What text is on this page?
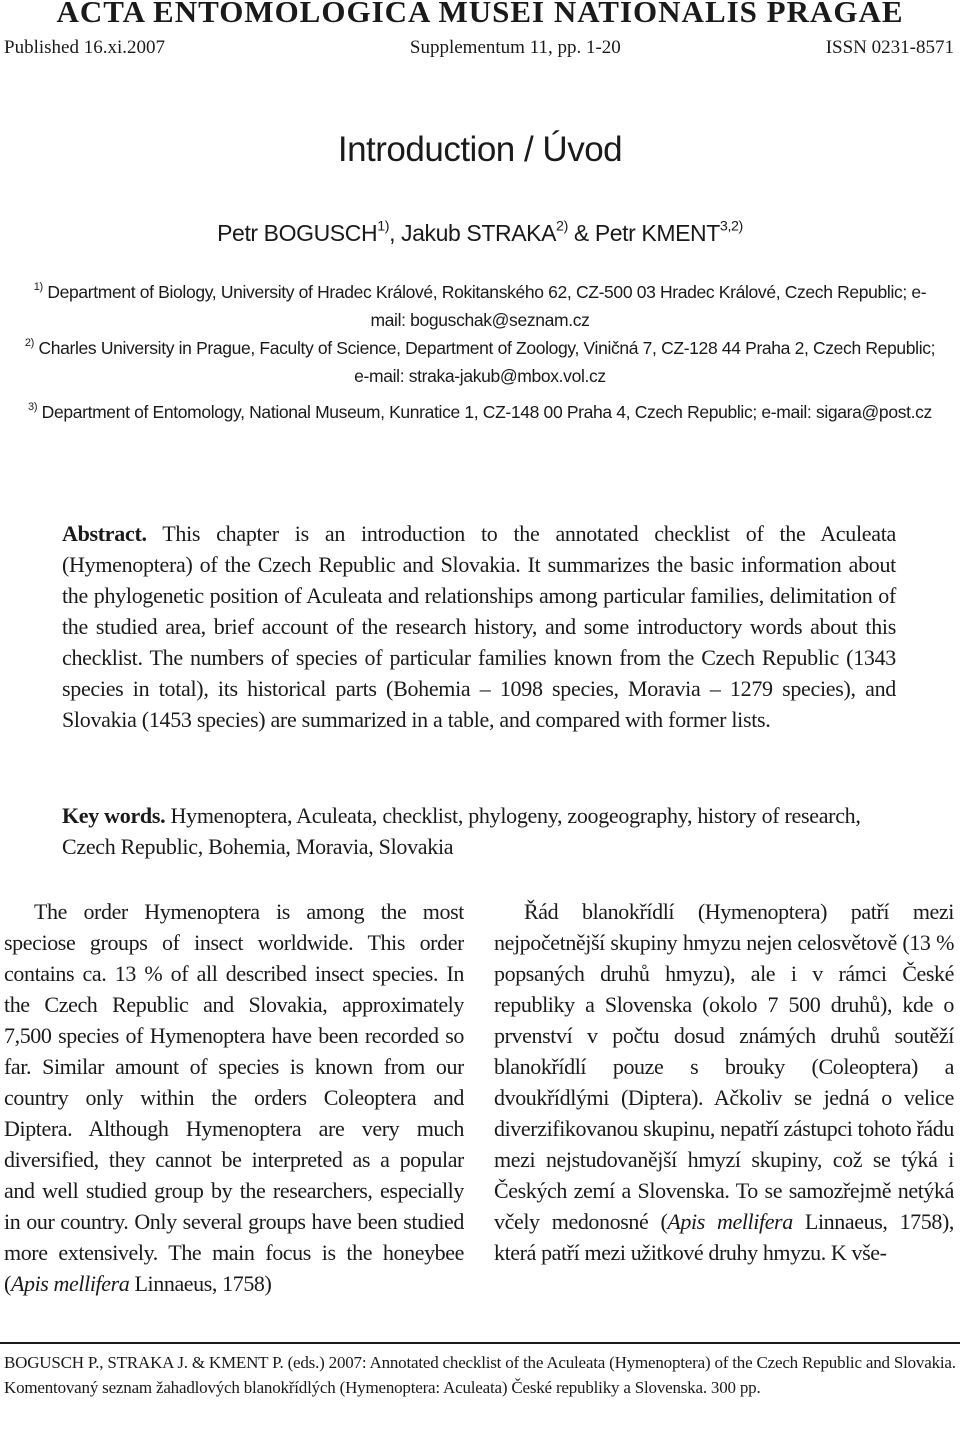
ACTA ENTOMOLOGICA MUSEI NATIONALIS PRAGAE
Published 16.xi.2007	Supplementum 11, pp. 1-20	ISSN 0231-8571
Introduction / Úvod
Petr BOGUSCH$^{1)}$, Jakub STRAKA$^{2)}$ & Petr KMENT$^{3,2)}$
$^{1)}$ Department of Biology, University of Hradec Králové, Rokitanského 62, CZ-500 03 Hradec Králové, Czech Republic; e-mail: boguschak@seznam.cz
$^{2)}$ Charles University in Prague, Faculty of Science, Department of Zoology, Viničná 7, CZ-128 44 Praha 2, Czech Republic; e-mail: straka-jakub@mbox.vol.cz
$^{3)}$ Department of Entomology, National Museum, Kunratice 1, CZ-148 00 Praha 4, Czech Republic; e-mail: sigara@post.cz
Abstract. This chapter is an introduction to the annotated checklist of the Aculeata (Hymenoptera) of the Czech Republic and Slovakia. It summarizes the basic information about the phylogenetic position of Aculeata and relationships among particular families, delimitation of the studied area, brief account of the research history, and some introductory words about this checklist. The numbers of species of particular families known from the Czech Republic (1343 species in total), its historical parts (Bohemia – 1098 species, Moravia – 1279 species), and Slovakia (1453 species) are summarized in a table, and compared with former lists.
Key words. Hymenoptera, Aculeata, checklist, phylogeny, zoogeography, history of research, Czech Republic, Bohemia, Moravia, Slovakia

The order Hymenoptera is among the most speciose groups of insect worldwide. This order contains ca. 13 % of all described insect species. In the Czech Republic and Slovakia, approximately 7,500 species of Hymenoptera have been recorded so far. Similar amount of species is known from our country only within the orders Coleoptera and Diptera. Although Hymenoptera are very much diversified, they cannot be interpreted as a popular and well studied group by the researchers, especially in our country. Only several groups have been studied more extensively. The main focus is the honeybee (Apis mellifera Linnaeus, 1758)

Řád blanokřídlí (Hymenoptera) patří mezi nejpočetnější skupiny hmyzu nejen celosvětově (13 % popsaných druhů hmyzu), ale i v rámci České republiky a Slovenska (okolo 7 500 druhů), kde o prvenství v počtu dosud známých druhů soutěží blanokřídlí pouze s brouky (Coleoptera) a dvoukřídlými (Diptera). Ačkoliv se jedná o velice diverzifikovanou skupinu, nepatří zástupci tohoto řádu mezi nejstudovanější hmyzí skupiny, což se týká i Českých zemí a Slovenska. To se samozřejmě netýká včely medonosné (Apis mellifera Linnaeus, 1758), která patří mezi užitkové druhy hmyzu. K vše-

BOGUSCH P., STRAKA J. & KMENT P. (eds.) 2007: Annotated checklist of the Aculeata (Hymenoptera) of the Czech Republic and Slovakia. Komentovaný seznam žahadlových blanokřídlých (Hymenoptera: Aculeata) České republiky a Slovenska. 300 pp.
